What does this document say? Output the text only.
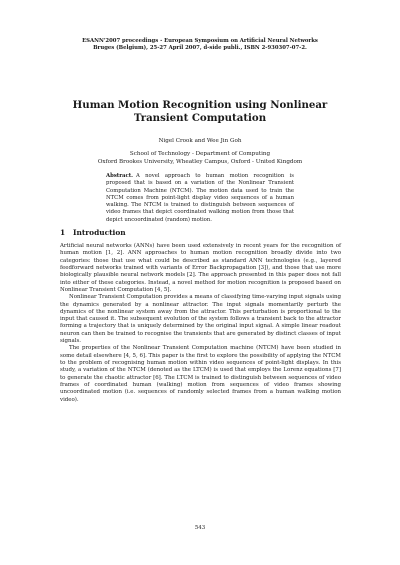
ESANN'2007 proceedings - European Symposium on Artificial Neural Networks
Bruges (Belgium), 25-27 April 2007, d-side publi., ISBN 2-930307-07-2.
Human Motion Recognition using Nonlinear Transient Computation
Nigel Crook and Wee Jin Goh
School of Technology - Department of Computing
Oxford Brookes University, Wheatley Campus, Oxford - United Kingdom
Abstract. A novel approach to human motion recognition is proposed that is based on a variation of the Nonlinear Transient Computation Machine (NTCM). The motion data used to train the NTCM comes from point-light display video sequences of a human walking. The NTCM is trained to distinguish between sequences of video frames that depict coordinated walking motion from those that depict uncoordinated (random) motion.
1 Introduction

Artificial neural networks (ANNs) have been used extensively in recent years for the recognition of human motion [1, 2]. ANN approaches to human motion recognition broadly divide into two categories: those that use what could be described as standard ANN technologies (e.g., layered feedforward networks trained with variants of Error Backpropagation [3]), and those that use more biologically plausible neural network models [2]. The approach presented in this paper does not fall into either of these categories. Instead, a novel method for motion recognition is proposed based on Nonlinear Transient Computation [4, 5].

Nonlinear Transient Computation provides a means of classifying time-varying input signals using the dynamics generated by a nonlinear attractor. The input signals momentarily perturb the dynamics of the nonlinear system away from the attractor. This perturbation is proportional to the input that caused it. The subsequent evolution of the system follows a transient back to the attractor forming a trajectory that is uniquely determined by the original input signal. A simple linear readout neuron can then be trained to recognise the transients that are generated by distinct classes of input signals.

The properties of the Nonlinear Transient Computation machine (NTCM) have been studied in some detail elsewhere [4, 5, 6]. This paper is the first to explore the possibility of applying the NTCM to the problem of recognising human motion within video sequences of point-light displays. In this study, a variation of the NTCM (denoted as the LTCM) is used that employs the Lorenz equations [7] to generate the chaotic attractor [6]. The LTCM is trained to distinguish between sequences of video frames of coordinated human (walking) motion from sequences of video frames showing uncoordinated motion (i.e. sequences of randomly selected frames from a human walking motion video).

543
